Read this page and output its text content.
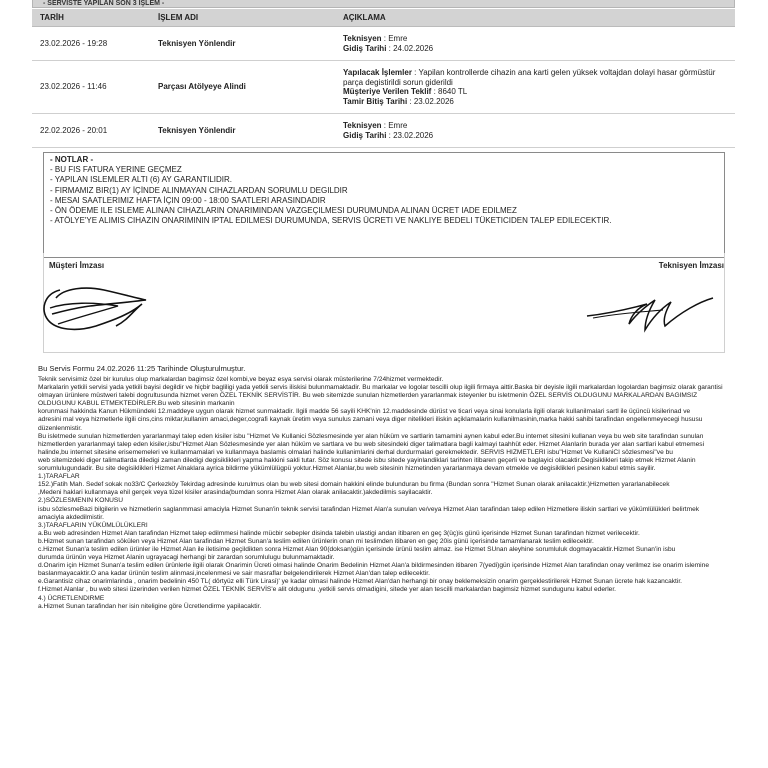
- SERVİSTE YAPILAN SON 3 İŞLEM -
TARİH	İŞLEM ADI	AÇIKLAMA
23.02.2026 - 19:28	Teknisyen Yönlendir	Teknisyen : Emre
Gidiş Tarihi : 24.02.2026

23.02.2026 - 11:46	Parçası Atölyeye Alindi	Yapılacak İşlemler : Yapilan kontrollerde cihazin ana karti gelen yüksek voltajdan dolayi hasar görmüstür parça degistirildi sorun giderildi
Müşteriye Verilen Teklif : 8640 TL
Tamir Bitiş Tarihi : 23.02.2026

22.02.2026 - 20:01	Teknisyen Yönlendir	Teknisyen : Emre
Gidiş Tarihi : 23.02.2026
- NOTLAR -
- BU FIS FATURA YERINE GEÇMEZ
- YAPILAN ISLEMLER ALTI (6) AY GARANTILIDIR.
- FIRMAMIZ BIR(1) AY İÇİNDE ALINMAYAN CIHAZLARDAN SORUMLU DEGILDIR
- MESAI SAATLERIMIZ HAFTA İÇIN 09:00 - 18:00 SAATLERI ARASINDADIR
- ÖN ÖDEME ILE ISLEME ALINAN CIHAZLARIN ONARIMINDAN VAZGEÇILMESI DURUMUNDA ALINAN ÜCRET IADE EDILMEZ
- ATÖLYE'YE ALIMIS CIHAZIN ONARIMININ IPTAL EDILMESI DURUMUNDA, SERVIS ÜCRETI VE NAKLIYE BEDELI TÜKETICIDEN TALEP EDILECEKTIR.
Müşteri İmzası	Teknisyen İmzası

Bu Servis Formu 24.02.2026 11:25 Tarihinde Oluşturulmuştur.

Teknik servisimiz özel bir kurulus olup markalardan bagimsiz özel kombi,ve beyaz esya servisi olarak müsterilerine 7/24hizmet vermektedir.

Markalarin yetkili servisi yada yetkili bayisi degildir ve hiçbir bagliligi yada yetkili servis iliskisi bulunmamaktadir. Bu markalar ve logolar tescilli olup ilgili firmaya aittir.Baska bir deyisle ilgili markalardan logolardan bagimsiz olarak garantisi olmayan ürünlere müstweri talebi dogrultusunda hizmet veren ÖZEL TEKNİK SERVİSTİR. Bu web sitemizde sunulan hizmetlerden yararlanmak isteyenler bu isletmenin ÖZEL SERVİS OLDUGUNU MARKALARDAN BAGIMSIZ OLDUGUNU KABUL ETMEKTEDİRLER.Bu web sitesinin markanin

korunmasi hakkinda Kanun Hükmündeki 12.maddeye uygun olarak hizmet sunmaktadir. Ilgili madde 56 sayili KHK'nin 12.maddesinde dürüst ve ticari veya sinai konularla ilgili olarak kullanilmalari sartl ile üçüncü kisilerinad ve

adresini mal veya hizmetlerle ilgili cins,cins miktar,kullanim amaci,deger,cografi kaynak üretim veya sunulus zamani veya diger nitelikleri iliskin açiklamalarin kullanilmasinin,marka hakki sahibi tarafindan engellenmeyecegi hususu

düzenlenmistir.

Bu isletmede sunulan hizmetlerden yararlanmayi talep eden kisiler isbu "Hizmet Ve Kullanici Sözlesmesinde yer alan hüküm ve sartlarin tamamini aynen kabul eder.Bu internet sitesini kullanan veya bu web site tarafindan sunulan

hizmetlerden yararlanmayi talep eden kisiler,isbu"Hizmet Alan Sözlesmesinde yer alan hüküm ve sartlara ve bu web sitesindeki diger talimatlara bagli kalmayi taahhüt eder. Hizmet Alanlarin burada yer alan sartlari kabul etmemesi

halinde,bu internet sitesine erisememeleri ve kullanmamalari ve kullanmaya baslamis olmalari halinde kullanimlarini derhal durdurmalari gerekmektedir. SERVIS HIZMETLERI isbu"Hizmet Ve KullaniCI sözlesmesi"ve bu

web sitemizdeki diger talimatlarda diledigi zaman diledigi degisiklikleri yapma hakkini sakli tutar. Söz konusu sitede isbu sitede yayinlandiklari tarihten itibaren geçerli ve baglayici olacaktir.Degisiklikleri takip etmek Hizmet Alanin

sorumlulugundadir. Bu site degisiklikleri Hizmet Alnaklara ayrica bildirme yükümlülügpü yoktur.Hizmet Alanlar,bu web sitesinin hizmetinden yararlanmaya devam etmekle ve degisiklikleri pesinen kabul etmis sayilir.

1.)TARAFLAR

152.)Fatih Mah. Sedef sokak no33/C Çerkezköy Tekirdag adresinde kurulmus olan bu web sitesi domain hakkini elinde bulunduran bu firma (Bundan sonra "Hizmet Sunan olarak anilacaktir.)Hizmetten yararlanabilecek

,Medeni haklari kullanmaya ehil gerçek veya tüzel kisiler arasinda(bumdan sonra Hizmet Alan olarak anilacaktir.)akdedilmis sayilacaktir.

2.)SÖZLESMENIN KONUSU

isbu sözlesmeBazi bilgilerin ve hizmetlerin saglanmmasi amaciyla Hizmet Sunan'in teknik servisi tarafindan Hizmet Alan'a sunulan ve/veya Hizmet Alan tarafindan talep edilen Hizmetlere iliskin sartlari ve yükümlülükleri belirtmek

amaciyla akdedilmistir.

3.)TARAFLARIN YÜKÜMLÜLÜKLERI

a.Bu web adresinden Hizmet Alan tarafindan Hizmet talep edilmmesi halinde mücbir sebepler disinda talebin ulastigi andan itibaren en geç 3(üç)is günü içerisinde Hizmet Sunan tarafindan hizmet verilecektir.

b.Hizmet sunan tarafindan sökülen veya Hizmet Alan tarafindan Hizmet Sunan'a teslim edilen ürünlerin onan mi teslimden itibaren en geç 20is günü içerisinde tamamlanarak teslim edilecektir.

c.Hizmet Sunan'a teslim edilen ürünler ile Hizmet Alan ile iletisime geçildikten sonra Hizmet Alan 90(doksan)gün içerisinde ürünü teslim almaz. ise Hizmet SUnan aleyhine sorumluluk dogmayacaktir.Hizmet Sunan'in isbu

durumda ürünün veya Hizmet Alanin ugrayacagi herhangi bir zarardan sorumlulugu bulunmamaktadir.

d.Onarim için Hizmet Sunan'a teslim edilen ürünlerle ilgili olarak Onarimin Ücreti olmasi halinde Onarim Bedelinin Hizmet Alan'a bildirmesinden itibaren 7(yedi)gün içerisinde Hizmet Alan tarafindan onay verilmez ise onarim islemine

baslanmayacaktir.O ana kadar ürünün teslim alinmasi,incelenmesi ve sair masraflar belgelendirilerek Hizmet Alan'dan talep edilecektir.

e.Garantisiz cihaz onarimlarinda , onarim bedelinin 450 TL( dörtyüz elli Türk Lirasi)' ye kadar olmasi halinde Hizmet Alan'dan herhangi bir onay beklemeksizin onarim gerçeklestirilerek Hizmet Sunan ücrete hak kazancaktir.

f.Hizmet Alanlar , bu web sitesi üzerinden verilen hizmet ÖZEL TEKNİK SERVİS'e alit oldugunu ,yetkili servis olmadigini, sitede yer alan tescilli markalardan bagimsiz hizmet sundugunu kabul ederler.

4.) ÜCRETLENDIRME

a.Hizmet Sunan tarafindan her isin niteligine göre Ücretlendirme yapilacaktir.
